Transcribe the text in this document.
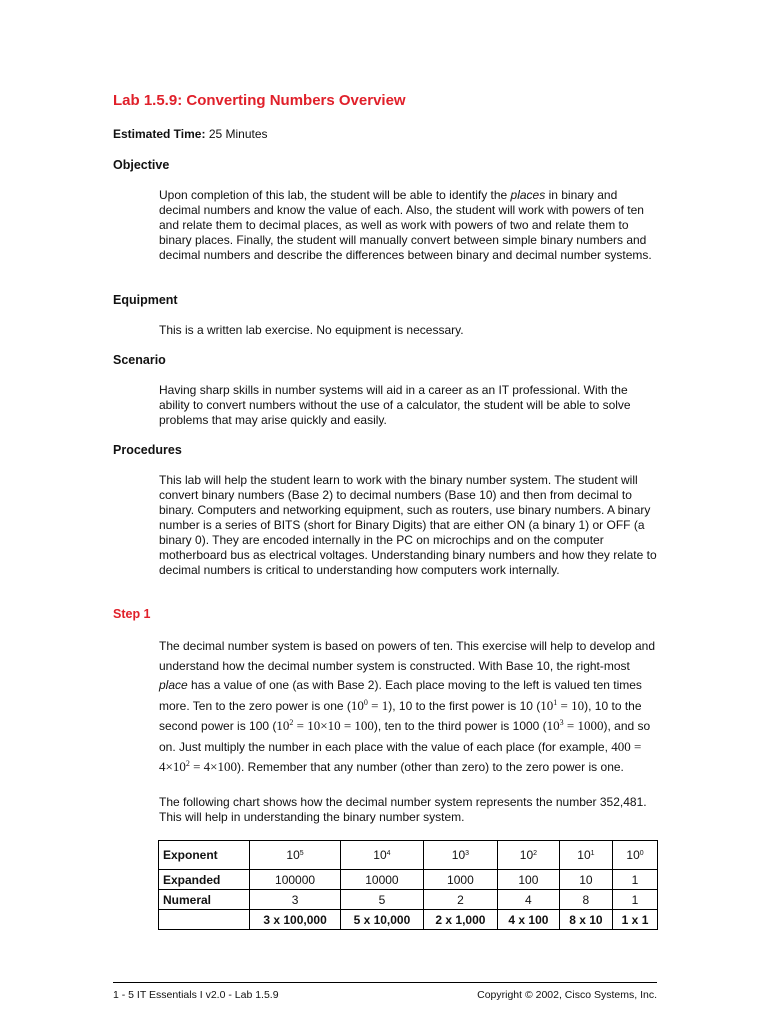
Lab 1.5.9: Converting Numbers Overview
Estimated Time: 25 Minutes
Objective

Upon completion of this lab, the student will be able to identify the places in binary and decimal numbers and know the value of each. Also, the student will work with powers of ten and relate them to decimal places, as well as work with powers of two and relate them to binary places. Finally, the student will manually convert between simple binary numbers and decimal numbers and describe the differences between binary and decimal number systems.

Equipment

This is a written lab exercise. No equipment is necessary.

Scenario

Having sharp skills in number systems will aid in a career as an IT professional. With the ability to convert numbers without the use of a calculator, the student will be able to solve problems that may arise quickly and easily.

Procedures

This lab will help the student learn to work with the binary number system. The student will convert binary numbers (Base 2) to decimal numbers (Base 10) and then from decimal to binary. Computers and networking equipment, such as routers, use binary numbers. A binary number is a series of BITS (short for Binary Digits) that are either ON (a binary 1) or OFF (a binary 0). They are encoded internally in the PC on microchips and on the computer motherboard bus as electrical voltages. Understanding binary numbers and how they relate to decimal numbers is critical to understanding how computers work internally.

Step 1

The decimal number system is based on powers of ten. This exercise will help to develop and understand how the decimal number system is constructed. With Base 10, the right-most place has a value of one (as with Base 2). Each place moving to the left is valued ten times more. Ten to the zero power is one $(10^0 = 1)$, 10 to the first power is 10 $(10^1 = 10)$, 10 to the second power is 100 $(10^2 = 10\times 10 = 100)$, ten to the third power is 1000 $(10^3 = 1000)$, and so on. Just multiply the number in each place with the value of each place (for example, $400 = 4\times 10^2 = 4\times 100$). Remember that any number (other than zero) to the zero power is one.

The following chart shows how the decimal number system represents the number 352,481. This will help in understanding the binary number system.

Exponent	$10^5$	$10^4$	$10^3$	$10^2$	$10^1$	$10^0$
Expanded	100000	10000	1000	100	10	1
Numeral	3	5	2	4	8	1
	3 x 100,000	5 x 10,000	2 x 1,000	4 x 100	8 x 10	1 x 1
1 - 5 IT Essentials I v2.0 - Lab 1.5.9	Copyright © 2002, Cisco Systems, Inc.
